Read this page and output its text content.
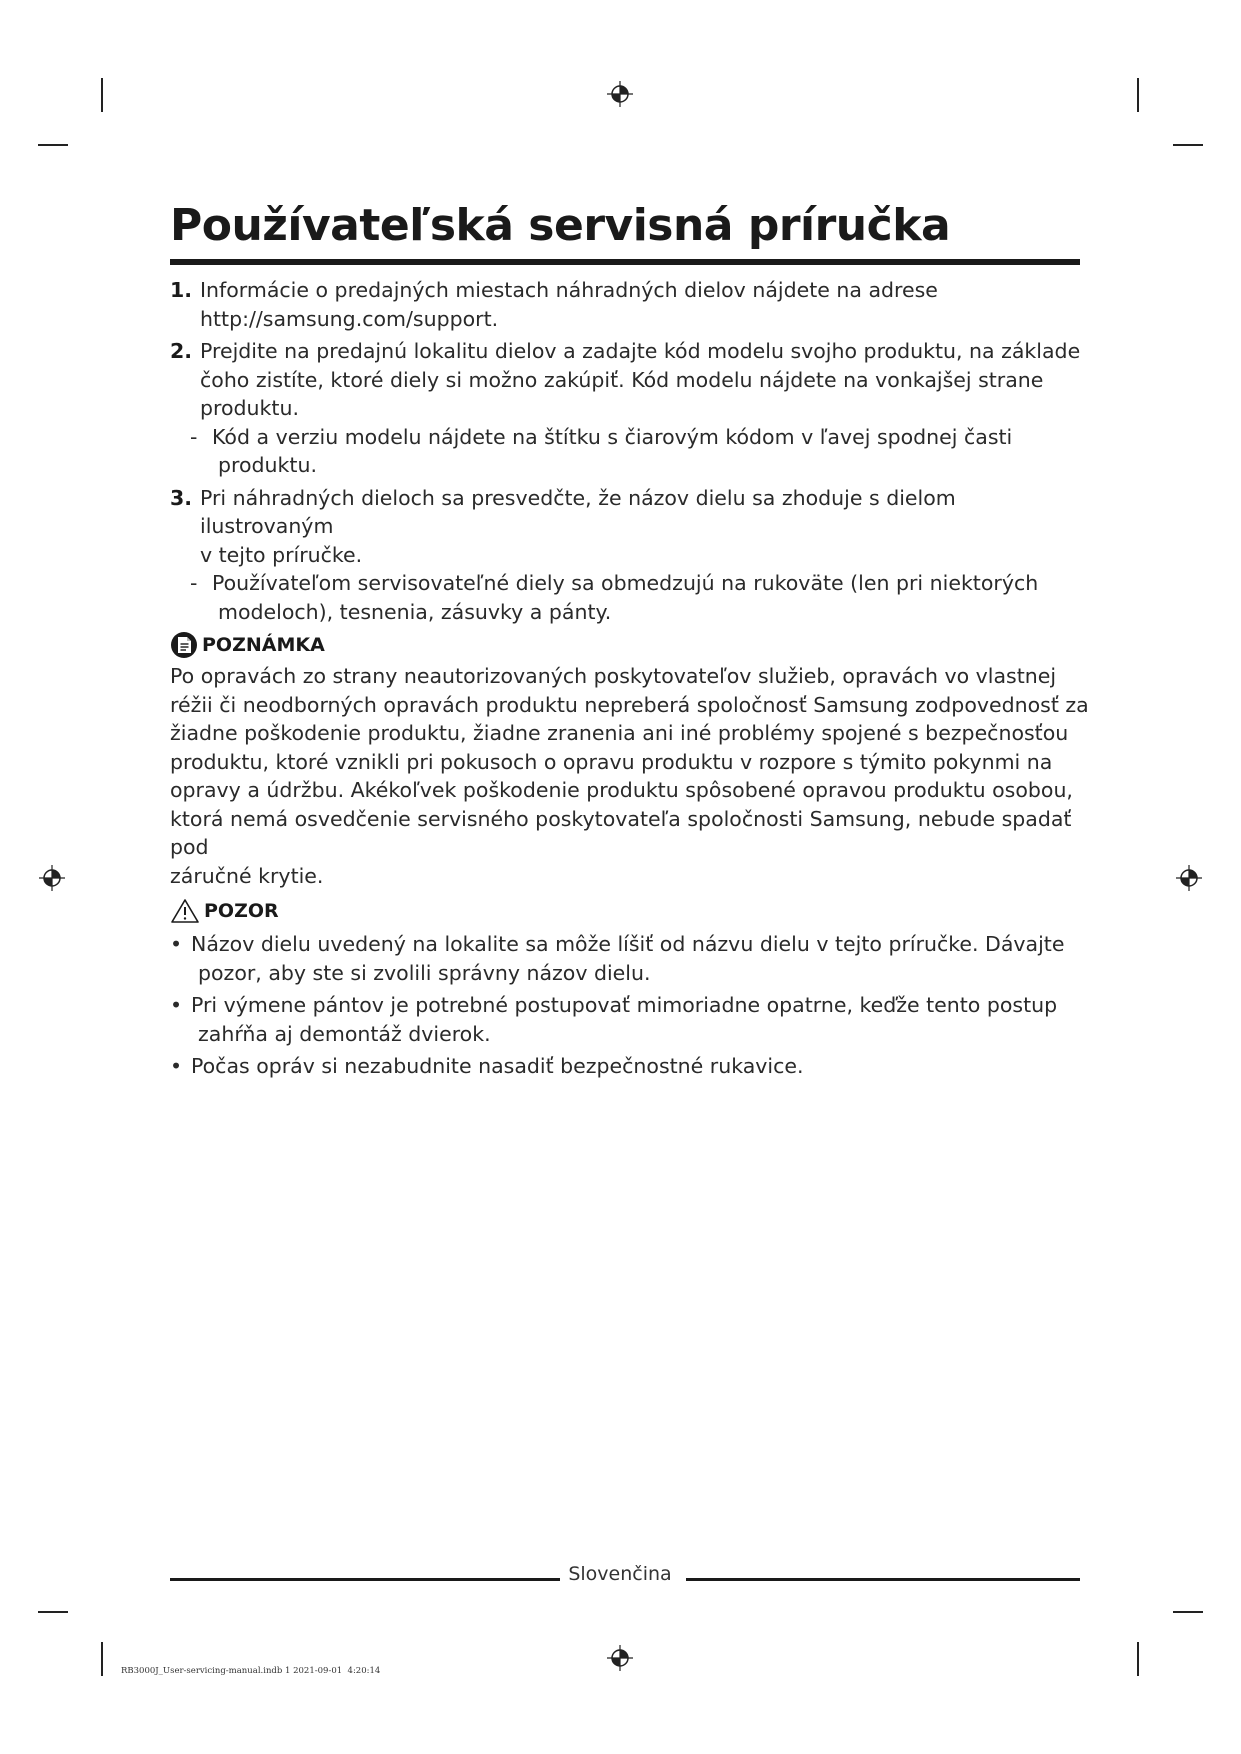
Používateľská servisná príručka
1. Informácie o predajných miestach náhradných dielov nájdete na adrese
http://samsung.com/support.
2. Prejdite na predajnú lokalitu dielov a zadajte kód modelu svojho produktu, na základe
čoho zistíte, ktoré diely si možno zakúpiť. Kód modelu nájdete na vonkajšej strane
produktu.
- Kód a verziu modelu nájdete na štítku s čiarovým kódom v ľavej spodnej časti
produktu.
3. Pri náhradných dieloch sa presvedčte, že názov dielu sa zhoduje s dielom ilustrovaným
v tejto príručke.
- Používateľom servisovateľné diely sa obmedzujú na rukoväte (len pri niektorých
modeloch), tesnenia, zásuvky a pánty.
POZNÁMKA
Po opravách zo strany neautorizovaných poskytovateľov služieb, opravách vo vlastnej
réžii či neodborných opravách produktu nepreberá spoločnosť Samsung zodpovednosť za
žiadne poškodenie produktu, žiadne zranenia ani iné problémy spojené s bezpečnosťou
produktu, ktoré vznikli pri pokusoch o opravu produktu v rozpore s týmito pokynmi na
opravy a údržbu. Akékoľvek poškodenie produktu spôsobené opravou produktu osobou,
ktorá nemá osvedčenie servisného poskytovateľa spoločnosti Samsung, nebude spadať pod
záručné krytie.
POZOR
• Názov dielu uvedený na lokalite sa môže líšiť od názvu dielu v tejto príručke. Dávajte
pozor, aby ste si zvolili správny názov dielu.
• Pri výmene pántov je potrebné postupovať mimoriadne opatrne, keďže tento postup
zahŕňa aj demontáž dvierok.
• Počas opráv si nezabudnite nasadiť bezpečnostné rukavice.
Slovenčina
RB3000J_User-servicing-manual.indb 1 2021-09-01 ￼ 4:20:14
